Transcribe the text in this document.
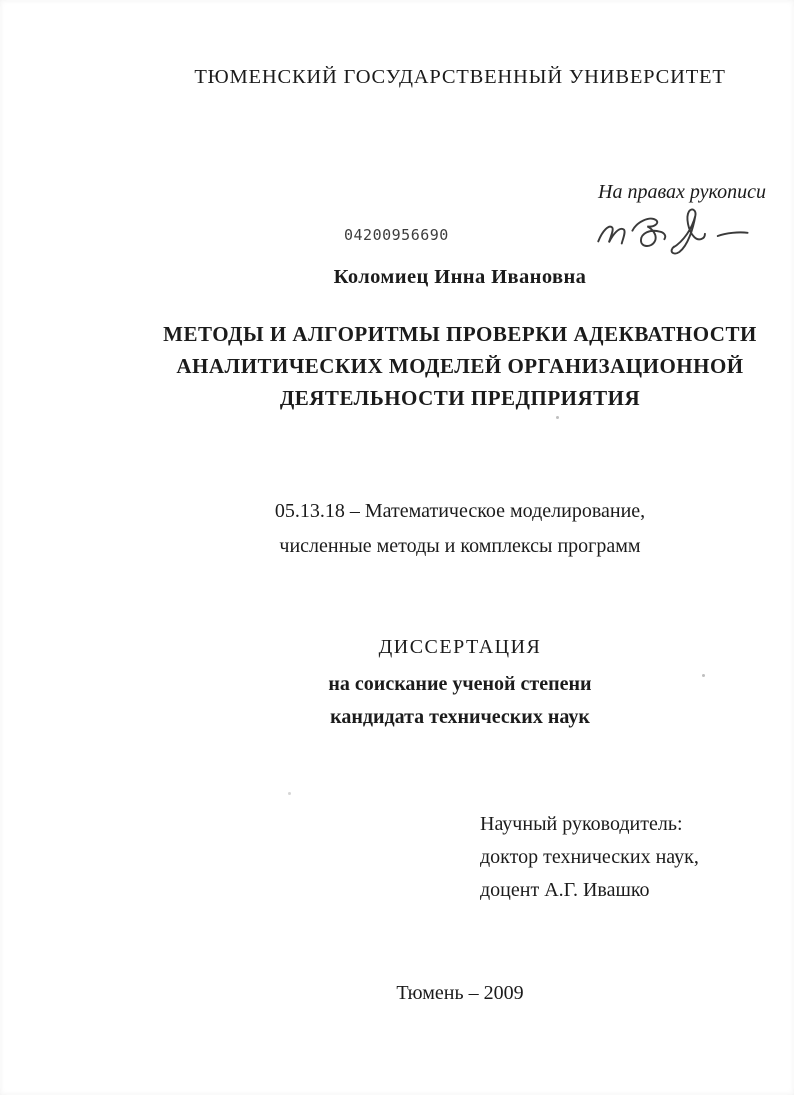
ТЮМЕНСКИЙ ГОСУДАРСТВЕННЫЙ УНИВЕРСИТЕТ
На правах рукописи
04200956690
Коломиец Инна Ивановна
МЕТОДЫ И АЛГОРИТМЫ ПРОВЕРКИ АДЕКВАТНОСТИ
АНАЛИТИЧЕСКИХ МОДЕЛЕЙ ОРГАНИЗАЦИОННОЙ
ДЕЯТЕЛЬНОСТИ ПРЕДПРИЯТИЯ
05.13.18 – Математическое моделирование,
численные методы и комплексы программ
ДИССЕРТАЦИЯ
на соискание ученой степени
кандидата технических наук
Научный руководитель:
доктор технических наук,
доцент А.Г. Ивашко
Тюмень – 2009
